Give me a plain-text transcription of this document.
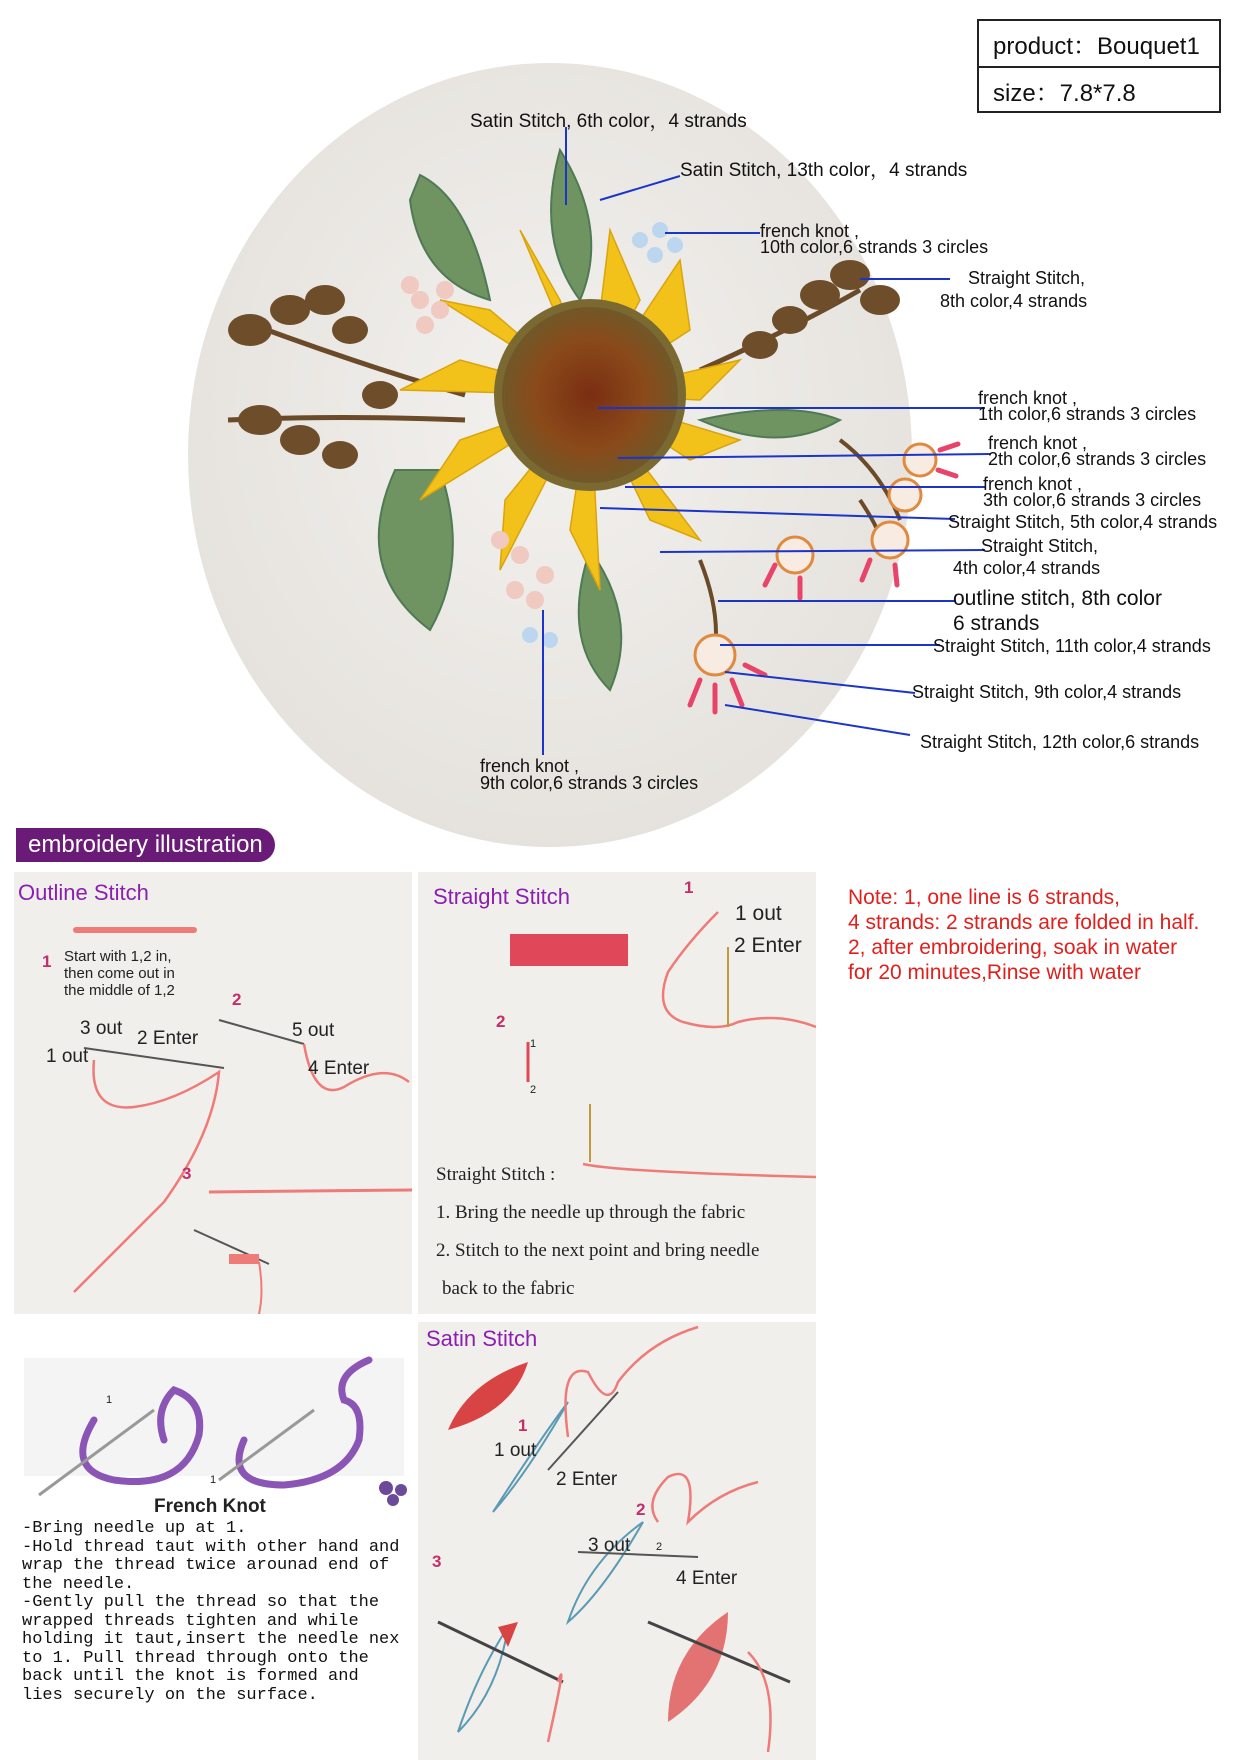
product：Bouquet1
size：7.8*7.8
Satin Stitch, 6th color，4 strands
Satin Stitch, 13th color，4 strands
french knot ,
10th color,6 strands 3 circles
Straight Stitch,
8th color,4 strands
french knot ,
1th color,6 strands 3 circles
french knot ,
2th color,6 strands 3 circles
french knot ,
3th color,6 strands 3 circles
Straight Stitch, 5th color,4 strands
Straight Stitch,
4th color,4 strands
outline stitch, 8th color
6 strands
Straight Stitch, 11th color,4 strands
Straight Stitch, 9th color,4 strands
Straight Stitch, 12th color,6 strands
french knot ,
9th color,6 strands 3 circles
embroidery illustration
Outline Stitch
1 Start with 1,2 in,
then come out in
the middle of 1,2	2
3 out 2 Enter
1 out
5 out
4 Enter
3
Straight Stitch	1
1 out
2 Enter
2
1
2
Straight Stitch :
1. Bring the needle up through the fabric
2. Stitch to the next point and bring needle
back to the fabric
Note: 1, one line is 6 strands,
4 strands: 2 strands are folded in half.
2, after embroidering, soak in water
for 20 minutes,Rinse with water
1
1
French Knot
-Bring needle up at 1.
-Hold thread taut with other hand and
wrap the thread twice arounad end of
the needle.
-Gently pull the thread so that the
wrapped threads tighten and while
holding it taut,insert the needle nex
to 1. Pull thread through onto the
back until the knot is formed and
lies securely on the surface.
Satin Stitch
1
1 out
2 Enter
2
3 out 2
4 Enter
3
